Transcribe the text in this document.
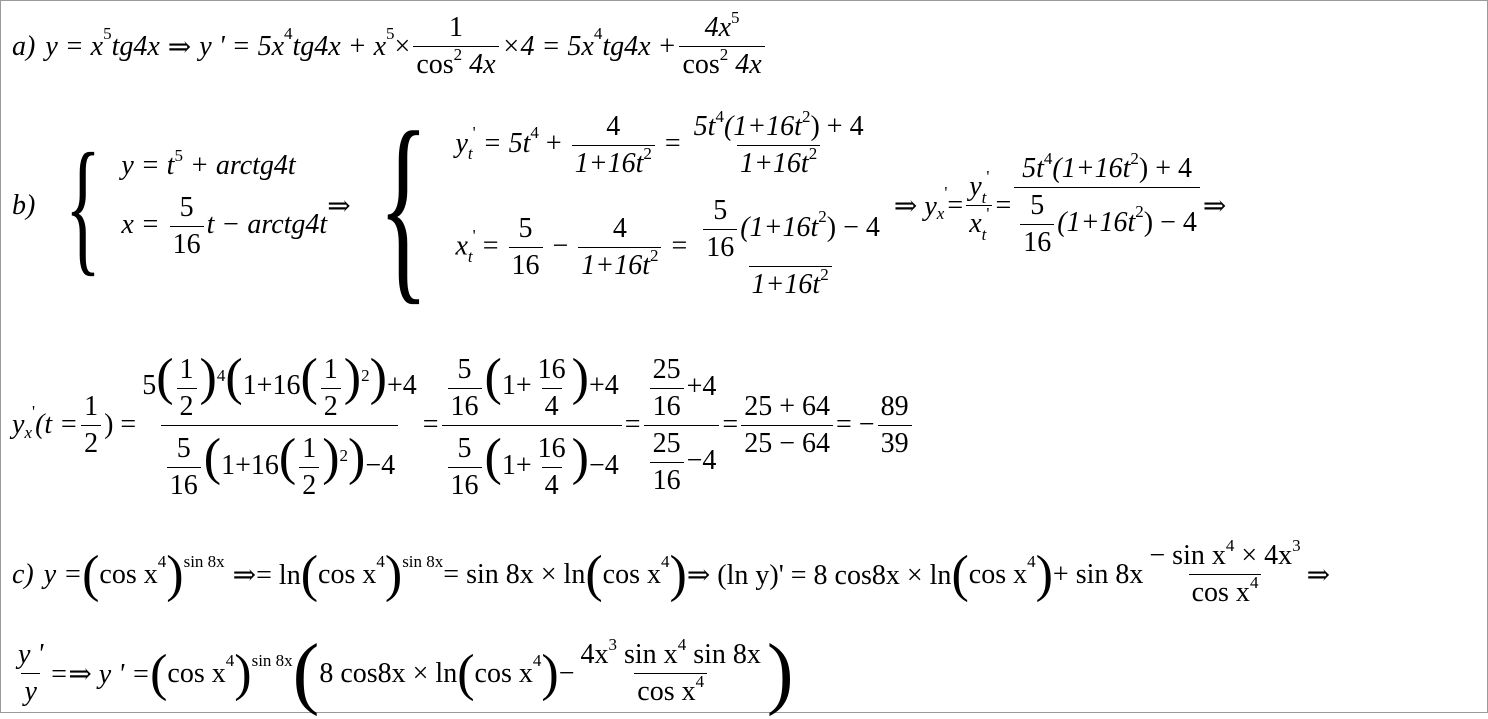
a) y = x 5 tg4x ⇒ y ' = 5x 4 tg4x + x $5 \times \frac{1}{\cos^2 4x} \times 4 = 5x$ 4 $tg4x + \frac{4x^5}{\cos^2 4x}$
b) { $y = t^5$ + arctg4t
$x = \frac{5}{16}$ t − arctg4t
⇒ { $y_t' = 5t^4 + \frac{4}{1+16t^2} = \frac{5t^4(1+16t^2) + 4}{1+16t^2}$
$x_t' = \frac{5}{16} - \frac{4}{1+16t^2} = \frac{\frac{5}{16} (1+16t^2) - 4}{1+16t^2}$ ⇒ y x
' = $\frac{y_t'}{x_t'} = \frac{5t^4(1+16t^2) + 4}{\frac{5}{16} (1+16t^2) - 4}$ ⇒
y x
' ($t = \frac{1}{2}$ ) = $\frac{5( \frac{1}{2} )^4(1+16( \frac{1}{2} )^2)+4}{\frac{5}{16} (1+16( \frac{1}{2} )^2)-4} = \frac{\frac{5}{16} (1+ \frac{16}{4} )+4}{\frac{5}{16} (1+ \frac{16}{4} )-4} = \frac{\frac{25}{16} +4}{\frac{25}{16} -4} = \frac{25 + 64}{25 - 64}$ = − $\frac{89}{39}$
c) y = ( cos x 4 ) sin 8x ⇒= ln ( cos x 4 ) sin 8x = sin 8x × ln ( cos x 4 ) ⇒ (ln y)' = 8 cos8x × ln ( cos x 4 ) + $\sin 8x \frac{- \sin x^4 \times 4x^3}{\cos x^4}$ ⇒
$\frac{y '}{y}$ =⇒ y ' = ( cos x 4 ) sin 8x ( 8 cos8x × ln ( cos x 4 ) − $\frac{4x^3 \sin x^4 \sin 8x}{\cos x^4}$ )
